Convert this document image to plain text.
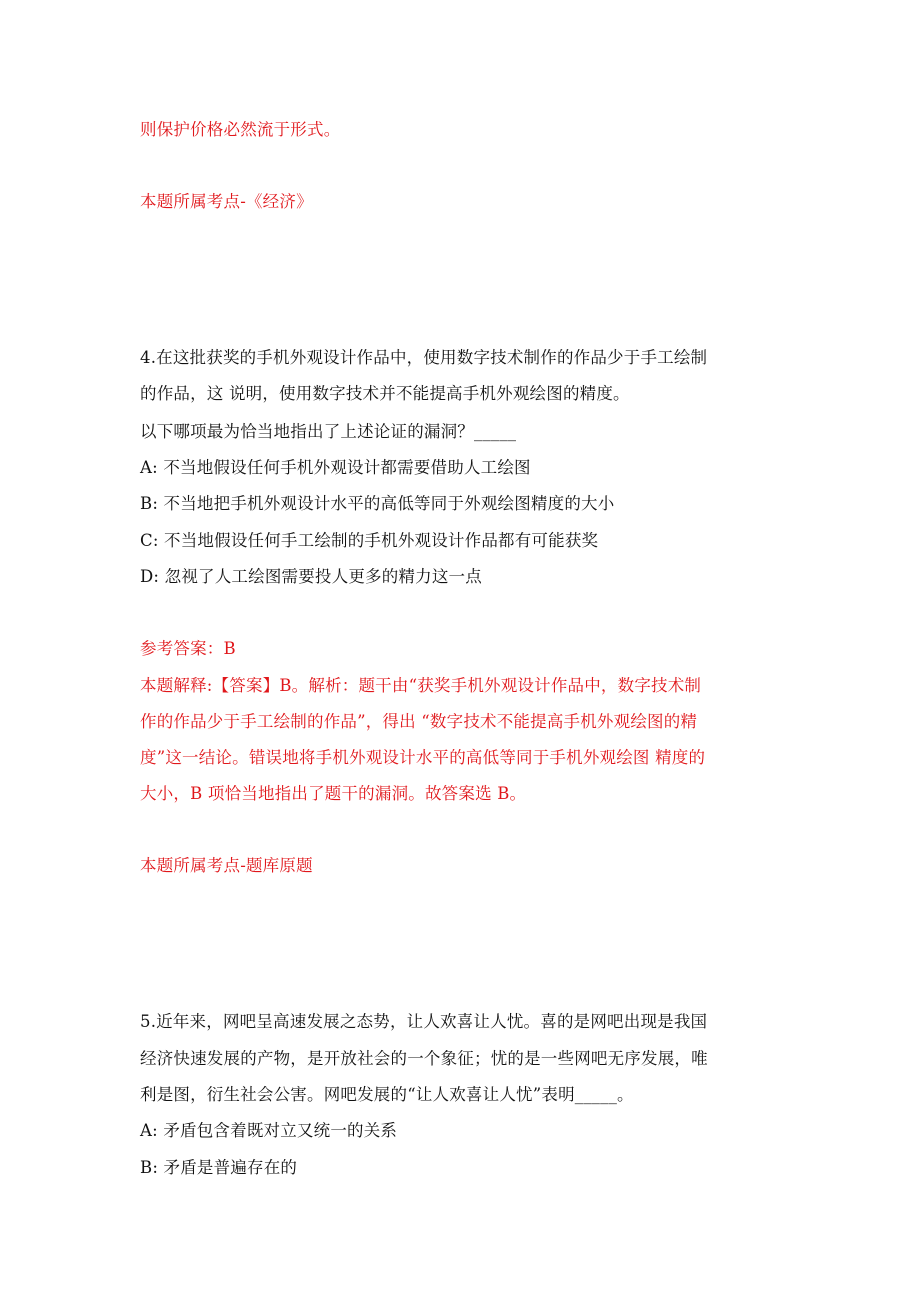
则保护价格必然流于形式。
本题所属考点-《经济》
4.在这批获奖的手机外观设计作品中，使用数字技术制作的作品少于手工绘制
的作品，这 说明，使用数字技术并不能提高手机外观绘图的精度。
以下哪项最为恰当地指出了上述论证的漏洞？_____
A: 不当地假设任何手机外观设计都需要借助人工绘图
B: 不当地把手机外观设计水平的高低等同于外观绘图精度的大小
C: 不当地假设任何手工绘制的手机外观设计作品都有可能获奖
D: 忽视了人工绘图需要投人更多的精力这一点
参考答案：B
本题解释:【答案】B。解析：题干由“获奖手机外观设计作品中，数字技术制
作的作品少于手工绘制的作品”，得出 “数字技术不能提高手机外观绘图的精
度”这一结论。错误地将手机外观设计水平的高低等同于手机外观绘图 精度的
大小，B 项恰当地指出了题干的漏洞。故答案选 B。
本题所属考点-题库原题
5.近年来，网吧呈高速发展之态势，让人欢喜让人忧。喜的是网吧出现是我国
经济快速发展的产物，是开放社会的一个象征；忧的是一些网吧无序发展，唯
利是图，衍生社会公害。网吧发展的“让人欢喜让人忧”表明_____。
A: 矛盾包含着既对立又统一的关系
B: 矛盾是普遍存在的
